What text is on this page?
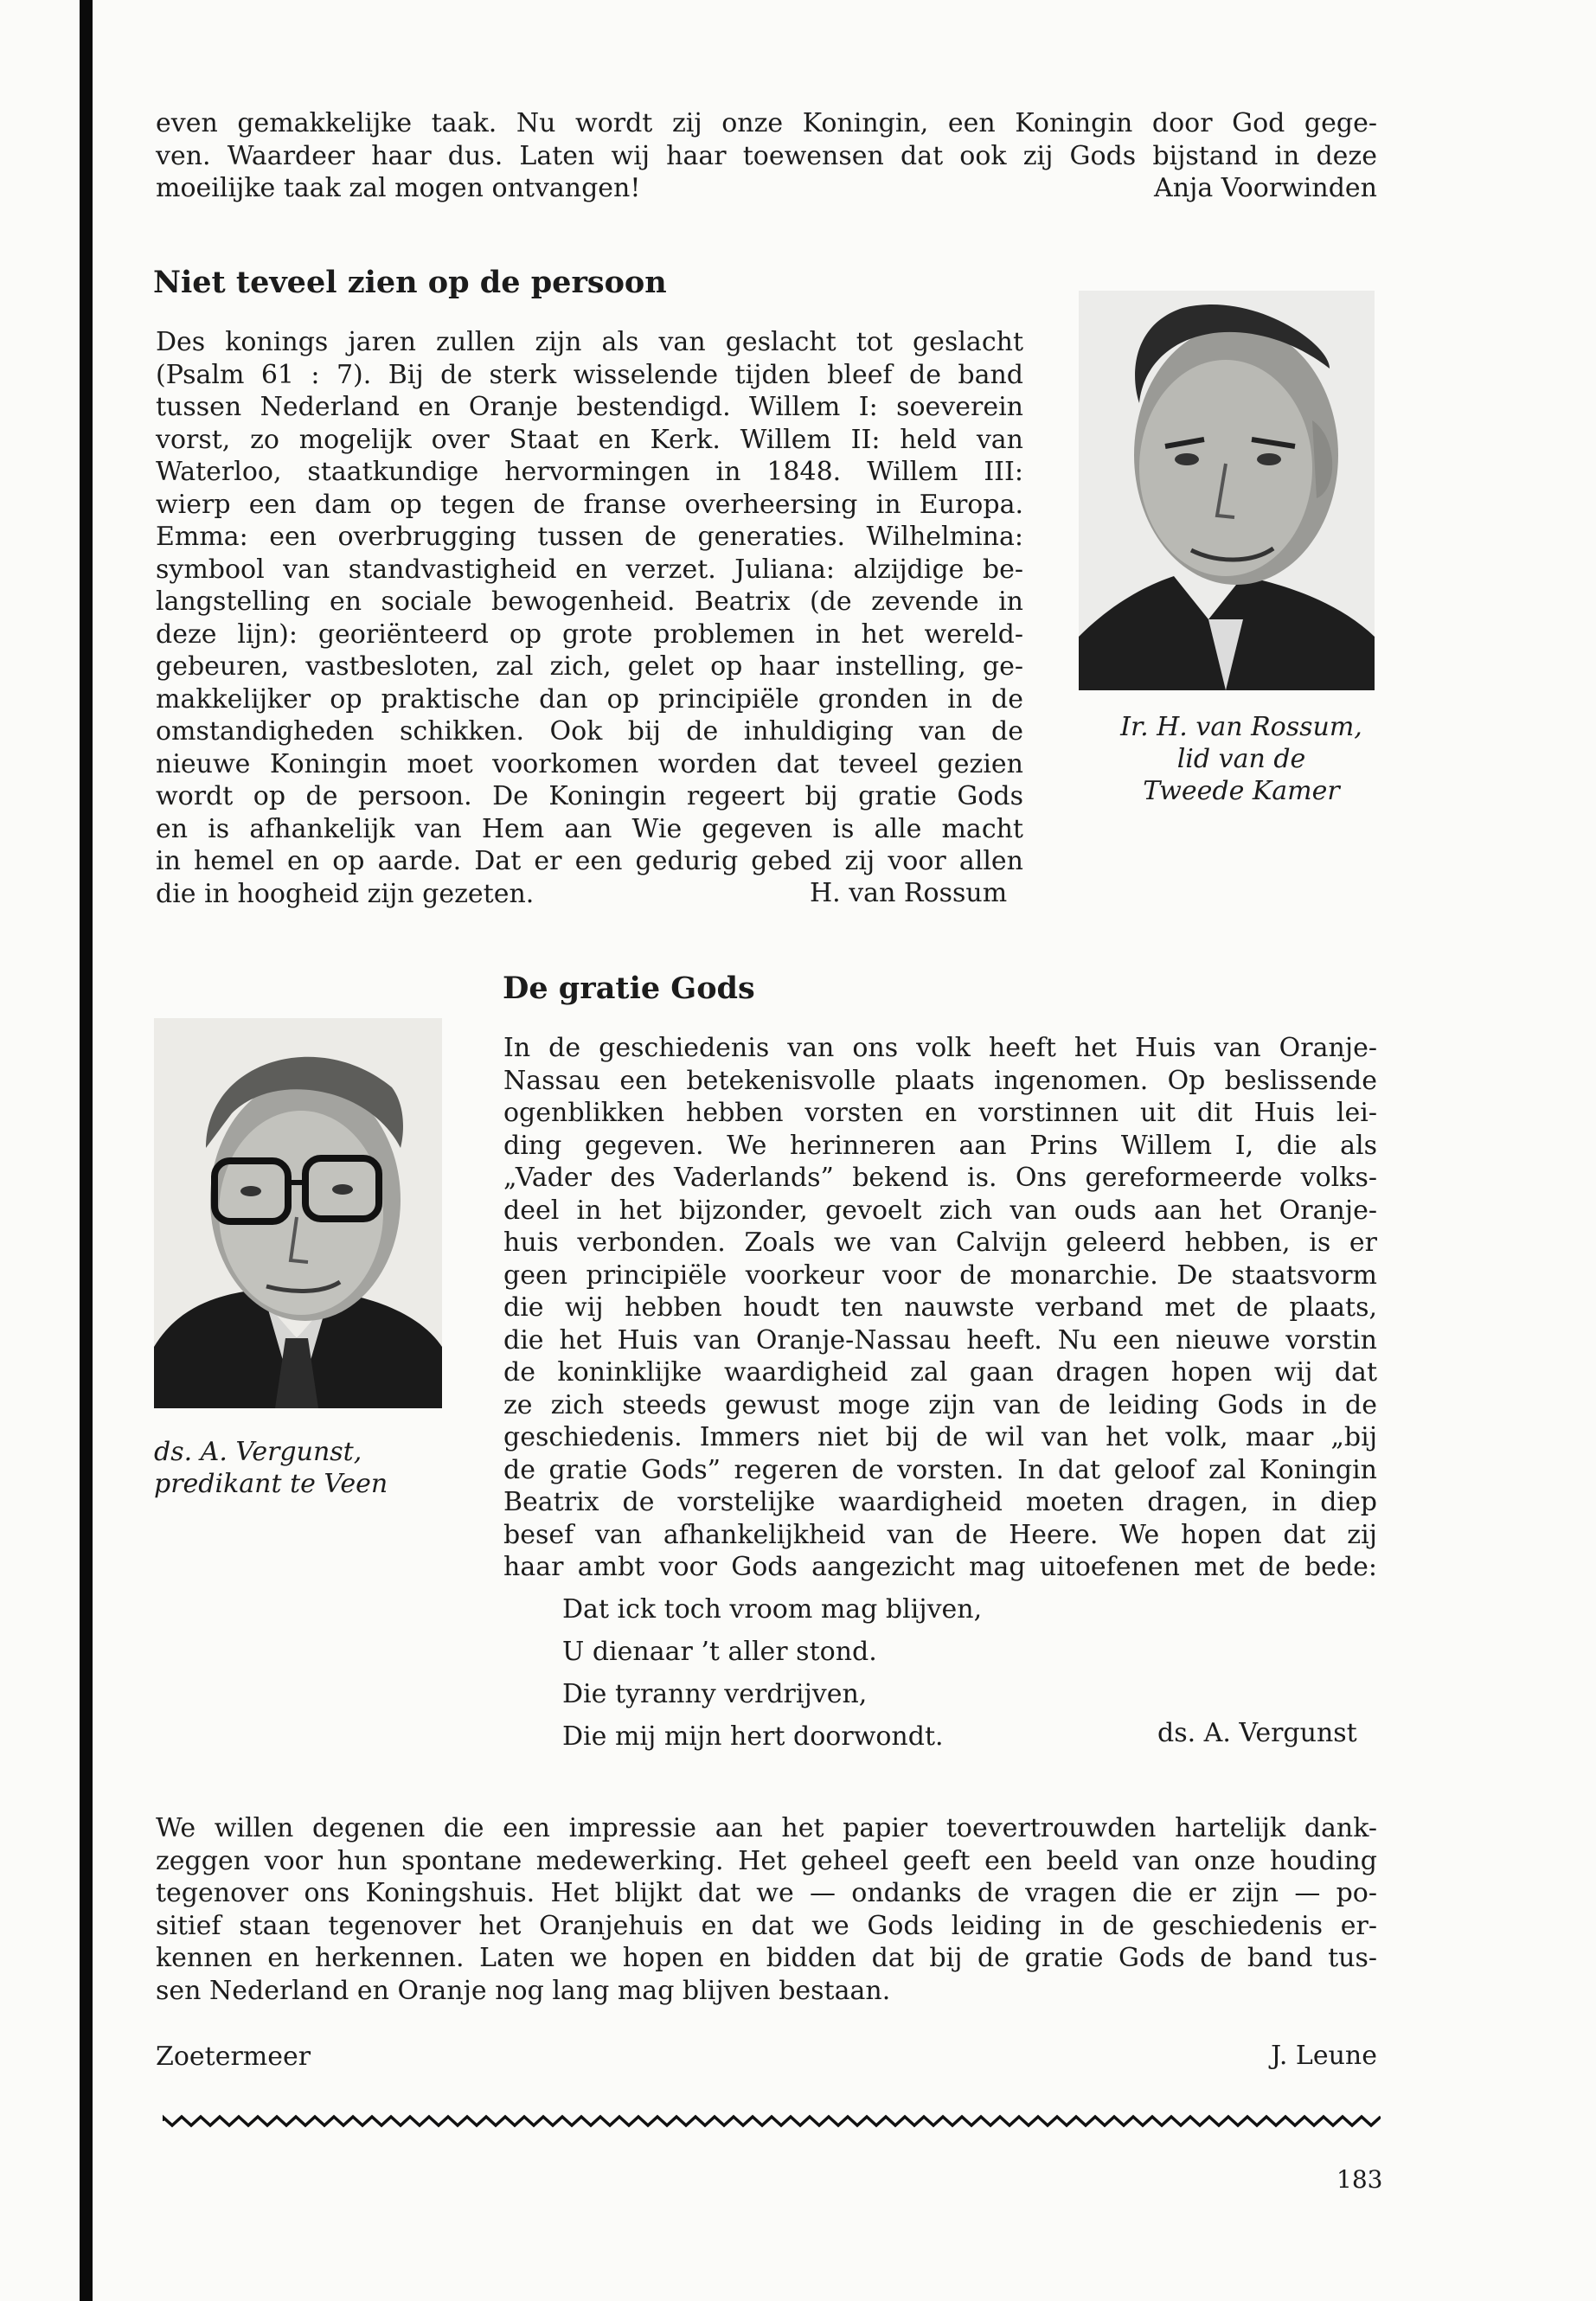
even gemakkelijke taak. Nu wordt zij onze Koningin, een Koningin door God gege-
ven. Waardeer haar dus. Laten wij haar toewensen dat ook zij Gods bijstand in deze
moeilijke taak zal mogen ontvangen!	Anja Voorwinden
Niet teveel zien op de persoon
Des konings jaren zullen zijn als van geslacht tot geslacht
(Psalm 61 : 7). Bij de sterk wisselende tijden bleef de band
tussen Nederland en Oranje bestendigd. Willem I: soeverein
vorst, zo mogelijk over Staat en Kerk. Willem II: held van
Waterloo, staatkundige hervormingen in 1848. Willem III:
wierp een dam op tegen de franse overheersing in Europa.
Emma: een overbrugging tussen de generaties. Wilhelmina:
symbool van standvastigheid en verzet. Juliana: alzijdige be-
langstelling en sociale bewogenheid. Beatrix (de zevende in
deze lijn): georiënteerd op grote problemen in het wereld-
gebeuren, vastbesloten, zal zich, gelet op haar instelling, ge-
makkelijker op praktische dan op principiële gronden in de
omstandigheden schikken. Ook bij de inhuldiging van de
nieuwe Koningin moet voorkomen worden dat teveel gezien
wordt op de persoon. De Koningin regeert bij gratie Gods
en is afhankelijk van Hem aan Wie gegeven is alle macht
in hemel en op aarde. Dat er een gedurig gebed zij voor allen
die in hoogheid zijn gezeten.	H. van Rossum
Ir. H. van Rossum,
lid van de
Tweede Kamer
De gratie Gods
In de geschiedenis van ons volk heeft het Huis van Oranje-
Nassau een betekenisvolle plaats ingenomen. Op beslissende
ogenblikken hebben vorsten en vorstinnen uit dit Huis lei-
ding gegeven. We herinneren aan Prins Willem I, die als
„Vader des Vaderlands” bekend is. Ons gereformeerde volks-
deel in het bijzonder, gevoelt zich van ouds aan het Oranje-
huis verbonden. Zoals we van Calvijn geleerd hebben, is er
geen principiële voorkeur voor de monarchie. De staatsvorm
die wij hebben houdt ten nauwste verband met de plaats,
die het Huis van Oranje-Nassau heeft. Nu een nieuwe vorstin
de koninklijke waardigheid zal gaan dragen hopen wij dat
ze zich steeds gewust moge zijn van de leiding Gods in de
geschiedenis. Immers niet bij de wil van het volk, maar „bij
de gratie Gods” regeren de vorsten. In dat geloof zal Koningin
Beatrix de vorstelijke waardigheid moeten dragen, in diep
besef van afhankelijkheid van de Heere. We hopen dat zij
haar ambt voor Gods aangezicht mag uitoefenen met de bede:
Dat ick toch vroom mag blijven,
U dienaar ’t aller stond.
Die tyranny verdrijven,
Die mij mijn hert doorwondt.	ds. A. Vergunst
ds. A. Vergunst,
predikant te Veen
We willen degenen die een impressie aan het papier toevertrouwden hartelijk dank-
zeggen voor hun spontane medewerking. Het geheel geeft een beeld van onze houding
tegenover ons Koningshuis. Het blijkt dat we — ondanks de vragen die er zijn — po-
sitief staan tegenover het Oranjehuis en dat we Gods leiding in de geschiedenis er-
kennen en herkennen. Laten we hopen en bidden dat bij de gratie Gods de band tus-
sen Nederland en Oranje nog lang mag blijven bestaan.
Zoetermeer	J. Leune
183
